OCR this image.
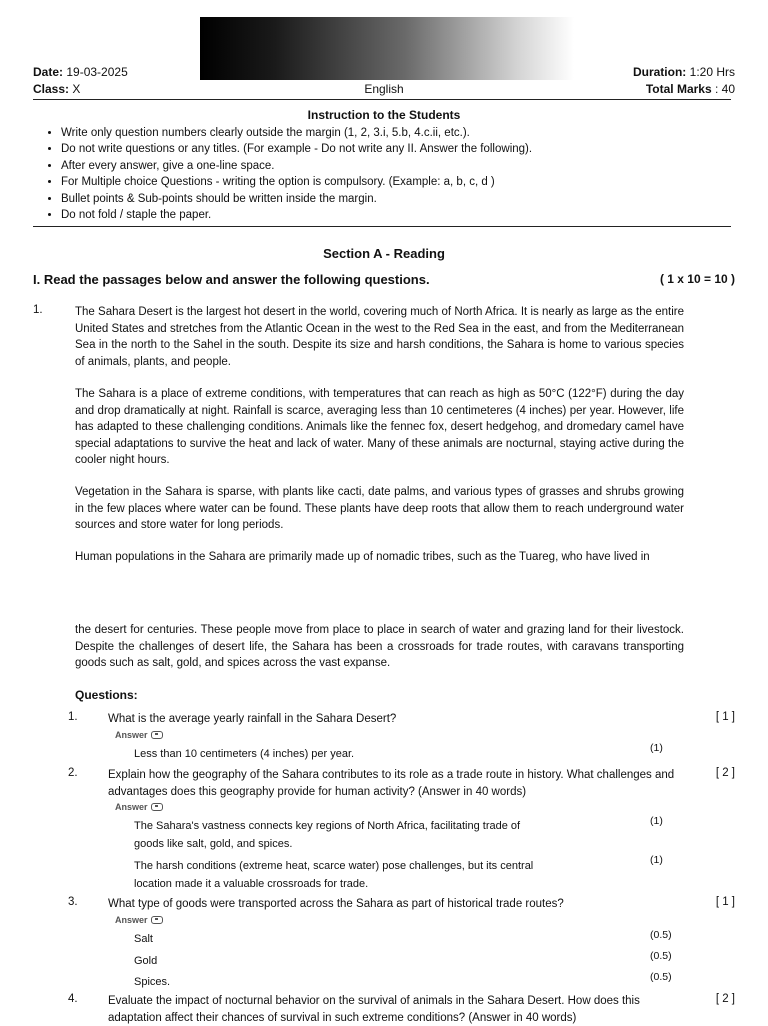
Date: 19-03-2025
Class: X	English
Duration: 1:20 Hrs
Total Marks : 40
Instruction to the Students
• Write only question numbers clearly outside the margin (1, 2, 3.i, 5.b, 4.c.ii, etc.).
• Do not write questions or any titles. (For example - Do not write any II. Answer the following).
• After every answer, give a one-line space.
• For Multiple choice Questions - writing the option is compulsory. (Example: a, b, c, d )
• Bullet points & Sub-points should be written inside the margin.
• Do not fold / staple the paper.
Section A - Reading
I. Read the passages below and answer the following questions.	( 1 x 10 = 10 )
1.	The Sahara Desert is the largest hot desert in the world, covering much of North Africa. It is nearly as large as the entire United States and stretches from the Atlantic Ocean in the west to the Red Sea in the east, and from the Mediterranean Sea in the north to the Sahel in the south. Despite its size and harsh conditions, the Sahara is home to various species of animals, plants, and people.

The Sahara is a place of extreme conditions, with temperatures that can reach as high as 50°C (122°F) during the day and drop dramatically at night. Rainfall is scarce, averaging less than 10 centimeteres (4 inches) per year. However, life has adapted to these challenging conditions. Animals like the fennec fox, desert hedgehog, and dromedary camel have special adaptations to survive the heat and lack of water. Many of these animals are nocturnal, staying active during the cooler night hours.

Vegetation in the Sahara is sparse, with plants like cacti, date palms, and various types of grasses and shrubs growing in the few places where water can be found. These plants have deep roots that allow them to reach underground water sources and store water for long periods.

Human populations in the Sahara are primarily made up of nomadic tribes, such as the Tuareg, who have lived in

the desert for centuries. These people move from place to place in search of water and grazing land for their livestock. Despite the challenges of desert life, the Sahara has been a crossroads for trade routes, with caravans transporting goods such as salt, gold, and spices across the vast expanse.

Questions:
1.	What is the average yearly rainfall in the Sahara Desert?	[ 1 ]
Answer
Less than 10 centimeters (4 inches) per year.	(1)
2.	Explain how the geography of the Sahara contributes to its role as a trade route in history. What challenges and advantages does this geography provide for human activity? (Answer in 40 words)
[ 2 ]
Answer
The Sahara's vastness connects key regions of North Africa, facilitating trade of goods like salt, gold, and spices.
(1)
The harsh conditions (extreme heat, scarce water) pose challenges, but its central location made it a valuable crossroads for trade.
(1)
3.	What type of goods were transported across the Sahara as part of historical trade routes?	[ 1 ]
Answer
Salt	(0.5)
Gold	(0.5)
Spices.	(0.5)
4.	Evaluate the impact of nocturnal behavior on the survival of animals in the Sahara Desert. How does this adaptation affect their chances of survival in such extreme conditions? (Answer in 40 words)
[ 2 ]
